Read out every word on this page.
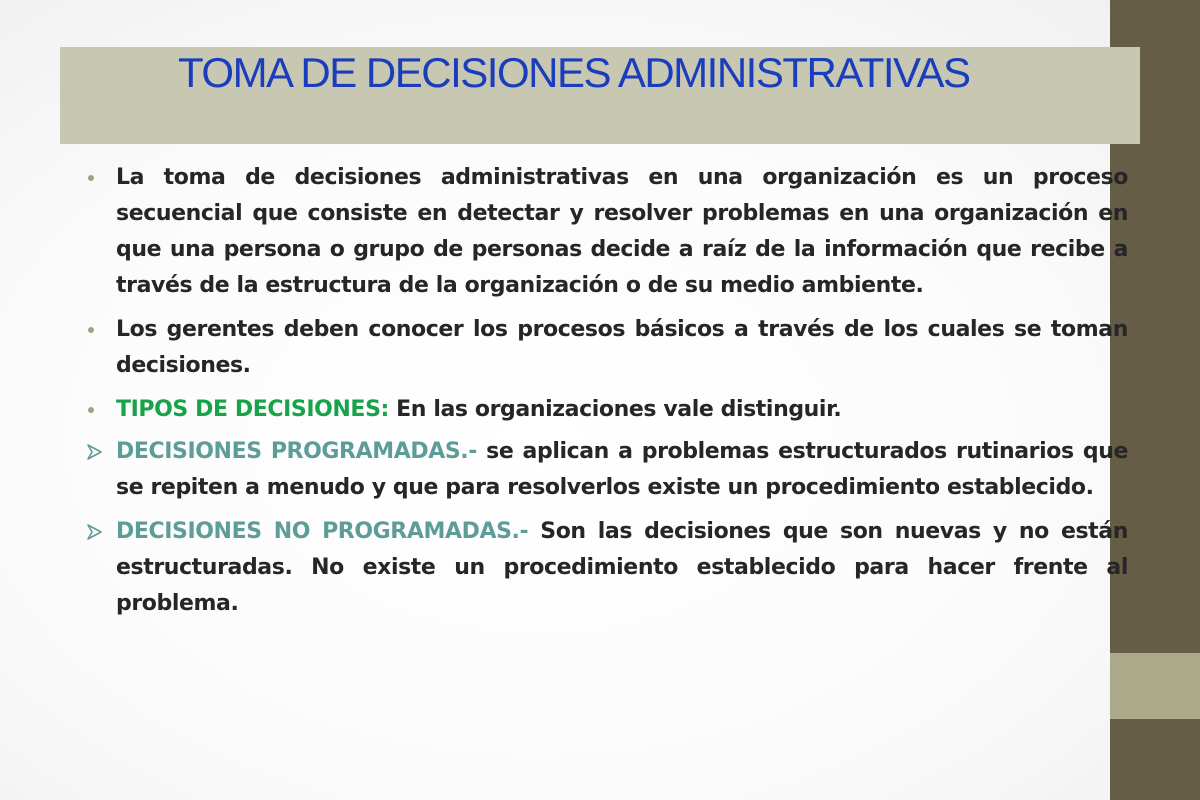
TOMA DE DECISIONES ADMINISTRATIVAS
La toma de decisiones administrativas en una organización es un proceso secuencial que consiste en detectar y resolver problemas en una organización en que una persona o grupo de personas decide a raíz de la información que recibe a través de la estructura de la organización o de su medio ambiente.
Los gerentes deben conocer los procesos básicos a través de los cuales se toman decisiones.
TIPOS DE DECISIONES: En las organizaciones vale distinguir.
DECISIONES PROGRAMADAS.- se aplican a problemas estructurados rutinarios que se repiten a menudo y que para resolverlos existe un procedimiento establecido.
DECISIONES NO PROGRAMADAS.- Son las decisiones que son nuevas y no están estructuradas. No existe un procedimiento establecido para hacer frente al problema.
